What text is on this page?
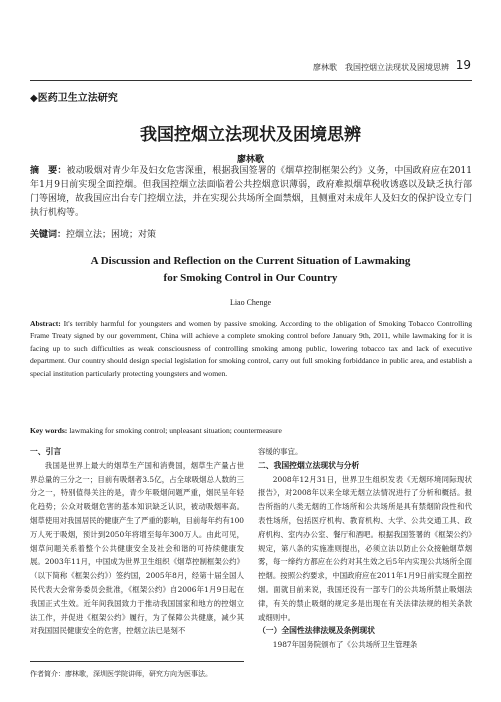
廖林歌　我国控烟立法现状及困境思辨 19
◆医药卫生立法研究
我国控烟立法现状及困境思辨
廖林歌
摘　要：被动吸烟对青少年及妇女危害深重，根据我国签署的《烟草控制框架公约》义务，中国政府应在2011年1月9日前实现全面控烟。但我国控烟立法面临着公共控烟意识薄弱，政府难拟烟草税收诱惑以及缺乏执行部门等困境，故我国应出台专门控烟立法，并在实现公共场所全面禁烟，且侧重对未成年人及妇女的保护设立专门执行机构等。
关键词：控烟立法；困境；对策
A Discussion and Reflection on the Current Situation of Lawmaking
for Smoking Control in Our Country
Liao Chenge
Abstract: It's terribly harmful for youngsters and women by passive smoking. According to the obligation of Smoking Tobacco Controlling Frame Treaty signed by our government, China will achieve a complete smoking control before January 9th, 2011, while lawmaking for it is facing up to such difficulties as weak consciousness of controlling smoking among public, lowering tobacco tax and lack of executive department. Our country should design special legislation for smoking control, carry out full smoking forbiddance in public area, and establish a special institution particularly protecting youngsters and women.
Key words: lawmaking for smoking control; unpleasant situation; countermeasure
一、引言

我国是世界上最大的烟草生产国和消费国，烟草生产量占世界总量的三分之一；目前有吸烟者3.5亿，占全球吸烟总人数的三分之一，特别值得关注的是，青少年吸烟问题严重，烟民呈年轻化趋势；公众对吸烟危害的基本知识缺乏认识，被动吸烟率高。烟草使用对我国居民的健康产生了严重的影响，目前每年约有100万人死于吸烟，预计到2050年将增至每年300万人。由此可见，烟草问题关系着整个公共健康安全及社会和谐的可持续健康发展。2003年11月，中国成为世界卫生组织《烟草控制框架公约》（以下简称《框架公约》）签约国，2005年8月，经第十届全国人民代表大会常务委员会批准，《框架公约》自2006年1月9日起在我国正式生效。近年间我国致力于推动我国国家和地方的控烟立法工作，并促进《框架公约》履行，为了保障公共健康，减少其对我国国民健康安全的危害，控烟立法已是刻不

容缓的事宜。

二、我国控烟立法现状与分析

2008年12月31日，世界卫生组织发表《无烟环境同际现状报告》，对2008年以来全球无烟立法情况进行了分析和概括。报告所指的八类无烟的工作场所和公共场所是具有禁烟阶段性和代表性场所，包括医疗机构、教育机构、大学、公共交通工具、政府机构、室内办公室、餐厅和酒吧。根据我国签署的《框架公约》规定，第八条的实施准则提出，必须立法以防止公众接触烟草烟雾，每一缔约方都应在公约对其生效之后5年内实现公共场所全面控烟。按照公约要求，中国政府应在2011年1月9日前实现全面控烟。面就目前来说，我国还没有一部专门的公共场所禁止吸烟法律，有关的禁止吸烟的规定多是出现在有关法律法规的相关条款或细则中。

（一）全国性法律法规及条例现状

1987年国务院颁布了《公共场所卫生管理条

作者简介：廖林歌，深圳医学院讲师，研究方向为医事法。
